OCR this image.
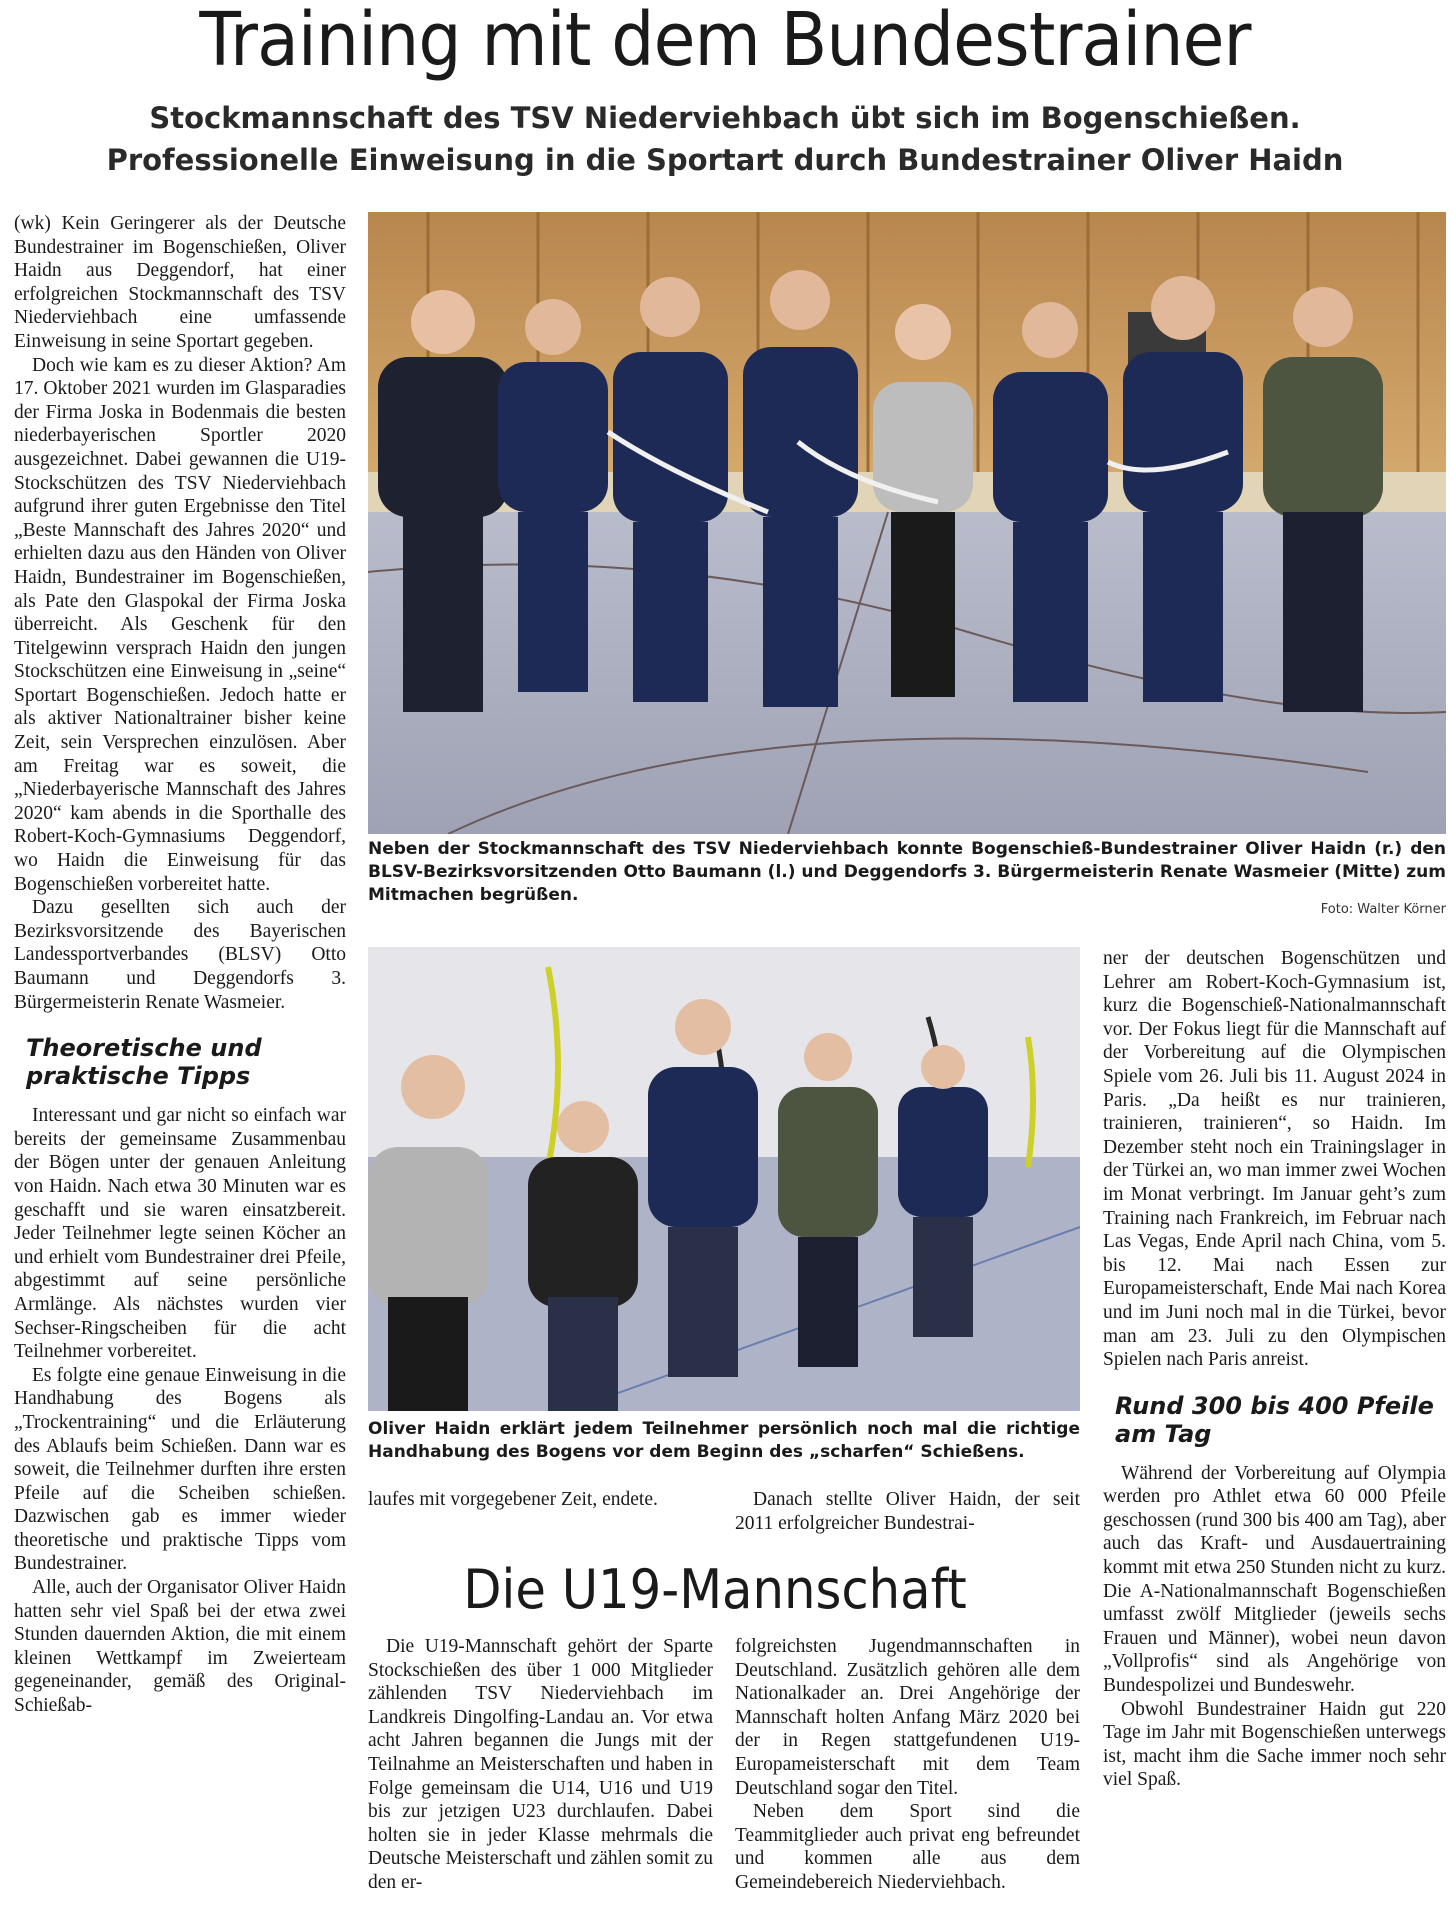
Training mit dem Bundestrainer
Stockmannschaft des TSV Niederviehbach übt sich im Bogenschießen.
Professionelle Einweisung in die Sportart durch Bundestrainer Oliver Haidn

(wk) Kein Geringerer als der Deutsche Bundestrainer im Bogenschießen, Oliver Haidn aus Deggendorf, hat einer erfolgreichen Stockmannschaft des TSV Niederviehbach eine umfassende Einweisung in seine Sportart gegeben.

Doch wie kam es zu dieser Aktion? Am 17. Oktober 2021 wurden im Glasparadies der Firma Joska in Bodenmais die besten niederbayerischen Sportler 2020 ausgezeichnet. Dabei gewannen die U19-Stockschützen des TSV Niederviehbach aufgrund ihrer guten Ergebnisse den Titel „Beste Mannschaft des Jahres 2020“ und erhielten dazu aus den Händen von Oliver Haidn, Bundestrainer im Bogenschießen, als Pate den Glaspokal der Firma Joska überreicht. Als Geschenk für den Titelgewinn versprach Haidn den jungen Stockschützen eine Einweisung in „seine“ Sportart Bogenschießen. Jedoch hatte er als aktiver Nationaltrainer bisher keine Zeit, sein Versprechen einzulösen. Aber am Freitag war es soweit, die „Niederbayerische Mannschaft des Jahres 2020“ kam abends in die Sporthalle des Robert-Koch-Gymnasiums Deggendorf, wo Haidn die Einweisung für das Bogenschießen vorbereitet hatte.

Dazu gesellten sich auch der Bezirksvorsitzende des Bayerischen Landessportverbandes (BLSV) Otto Baumann und Deggendorfs 3. Bürgermeisterin Renate Wasmeier.

Theoretische und praktische Tipps

Interessant und gar nicht so einfach war bereits der gemeinsame Zusammenbau der Bögen unter der genauen Anleitung von Haidn. Nach etwa 30 Minuten war es geschafft und sie waren einsatzbereit. Jeder Teilnehmer legte seinen Köcher an und erhielt vom Bundestrainer drei Pfeile, abgestimmt auf seine persönliche Armlänge. Als nächstes wurden vier Sechser-Ringscheiben für die acht Teilnehmer vorbereitet.

Es folgte eine genaue Einweisung in die Handhabung des Bogens als „Trockentraining“ und die Erläuterung des Ablaufs beim Schießen. Dann war es soweit, die Teilnehmer durften ihre ersten Pfeile auf die Scheiben schießen. Dazwischen gab es immer wieder theoretische und praktische Tipps vom Bundestrainer.

Alle, auch der Organisator Oliver Haidn hatten sehr viel Spaß bei der etwa zwei Stunden dauernden Aktion, die mit einem kleinen Wettkampf im Zweierteam gegeneinander, gemäß des Original-Schießab-

Neben der Stockmannschaft des TSV Niederviehbach konnte Bogenschieß-Bundestrainer Oliver Haidn (r.) den BLSV-Bezirksvorsitzenden Otto Baumann (l.) und Deggendorfs 3. Bürgermeisterin Renate Wasmeier (Mitte) zum Mitmachen begrüßen.
Foto: Walter Körner
Oliver Haidn erklärt jedem Teilnehmer persönlich noch mal die richtige Handhabung des Bogens vor dem Beginn des „scharfen“ Schießens.

laufes mit vorgegebener Zeit, endete.	Danach stellte Oliver Haidn, der seit 2011 erfolgreicher Bundestrai-

Die U19-Mannschaft

Die U19-Mannschaft gehört der Sparte Stockschießen des über 1 000 Mitglieder zählenden TSV Niederviehbach im Landkreis Dingolfing-Landau an. Vor etwa acht Jahren begannen die Jungs mit der Teilnahme an Meisterschaften und haben in Folge gemeinsam die U14, U16 und U19 bis zur jetzigen U23 durchlaufen. Dabei holten sie in jeder Klasse mehrmals die Deutsche Meisterschaft und zählen somit zu den er-

folgreichsten Jugendmannschaften in Deutschland. Zusätzlich gehören alle dem Nationalkader an. Drei Angehörige der Mannschaft holten Anfang März 2020 bei der in Regen stattgefundenen U19-Europameisterschaft mit dem Team Deutschland sogar den Titel.

Neben dem Sport sind die Teammitglieder auch privat eng befreundet und kommen alle aus dem Gemeindebereich Niederviehbach.

ner der deutschen Bogenschützen und Lehrer am Robert-Koch-Gymnasium ist, kurz die Bogenschieß-Nationalmannschaft vor. Der Fokus liegt für die Mannschaft auf der Vorbereitung auf die Olympischen Spiele vom 26. Juli bis 11. August 2024 in Paris. „Da heißt es nur trainieren, trainieren, trainieren“, so Haidn. Im Dezember steht noch ein Trainingslager in der Türkei an, wo man immer zwei Wochen im Monat verbringt. Im Januar geht’s zum Training nach Frankreich, im Februar nach Las Vegas, Ende April nach China, vom 5. bis 12. Mai nach Essen zur Europameisterschaft, Ende Mai nach Korea und im Juni noch mal in die Türkei, bevor man am 23. Juli zu den Olympischen Spielen nach Paris anreist.

Rund 300 bis 400 Pfeile am Tag

Während der Vorbereitung auf Olympia werden pro Athlet etwa 60 000 Pfeile geschossen (rund 300 bis 400 am Tag), aber auch das Kraft- und Ausdauertraining kommt mit etwa 250 Stunden nicht zu kurz. Die A-Nationalmannschaft Bogenschießen umfasst zwölf Mitglieder (jeweils sechs Frauen und Männer), wobei neun davon „Vollprofis“ sind als Angehörige von Bundespolizei und Bundeswehr.

Obwohl Bundestrainer Haidn gut 220 Tage im Jahr mit Bogenschießen unterwegs ist, macht ihm die Sache immer noch sehr viel Spaß.
